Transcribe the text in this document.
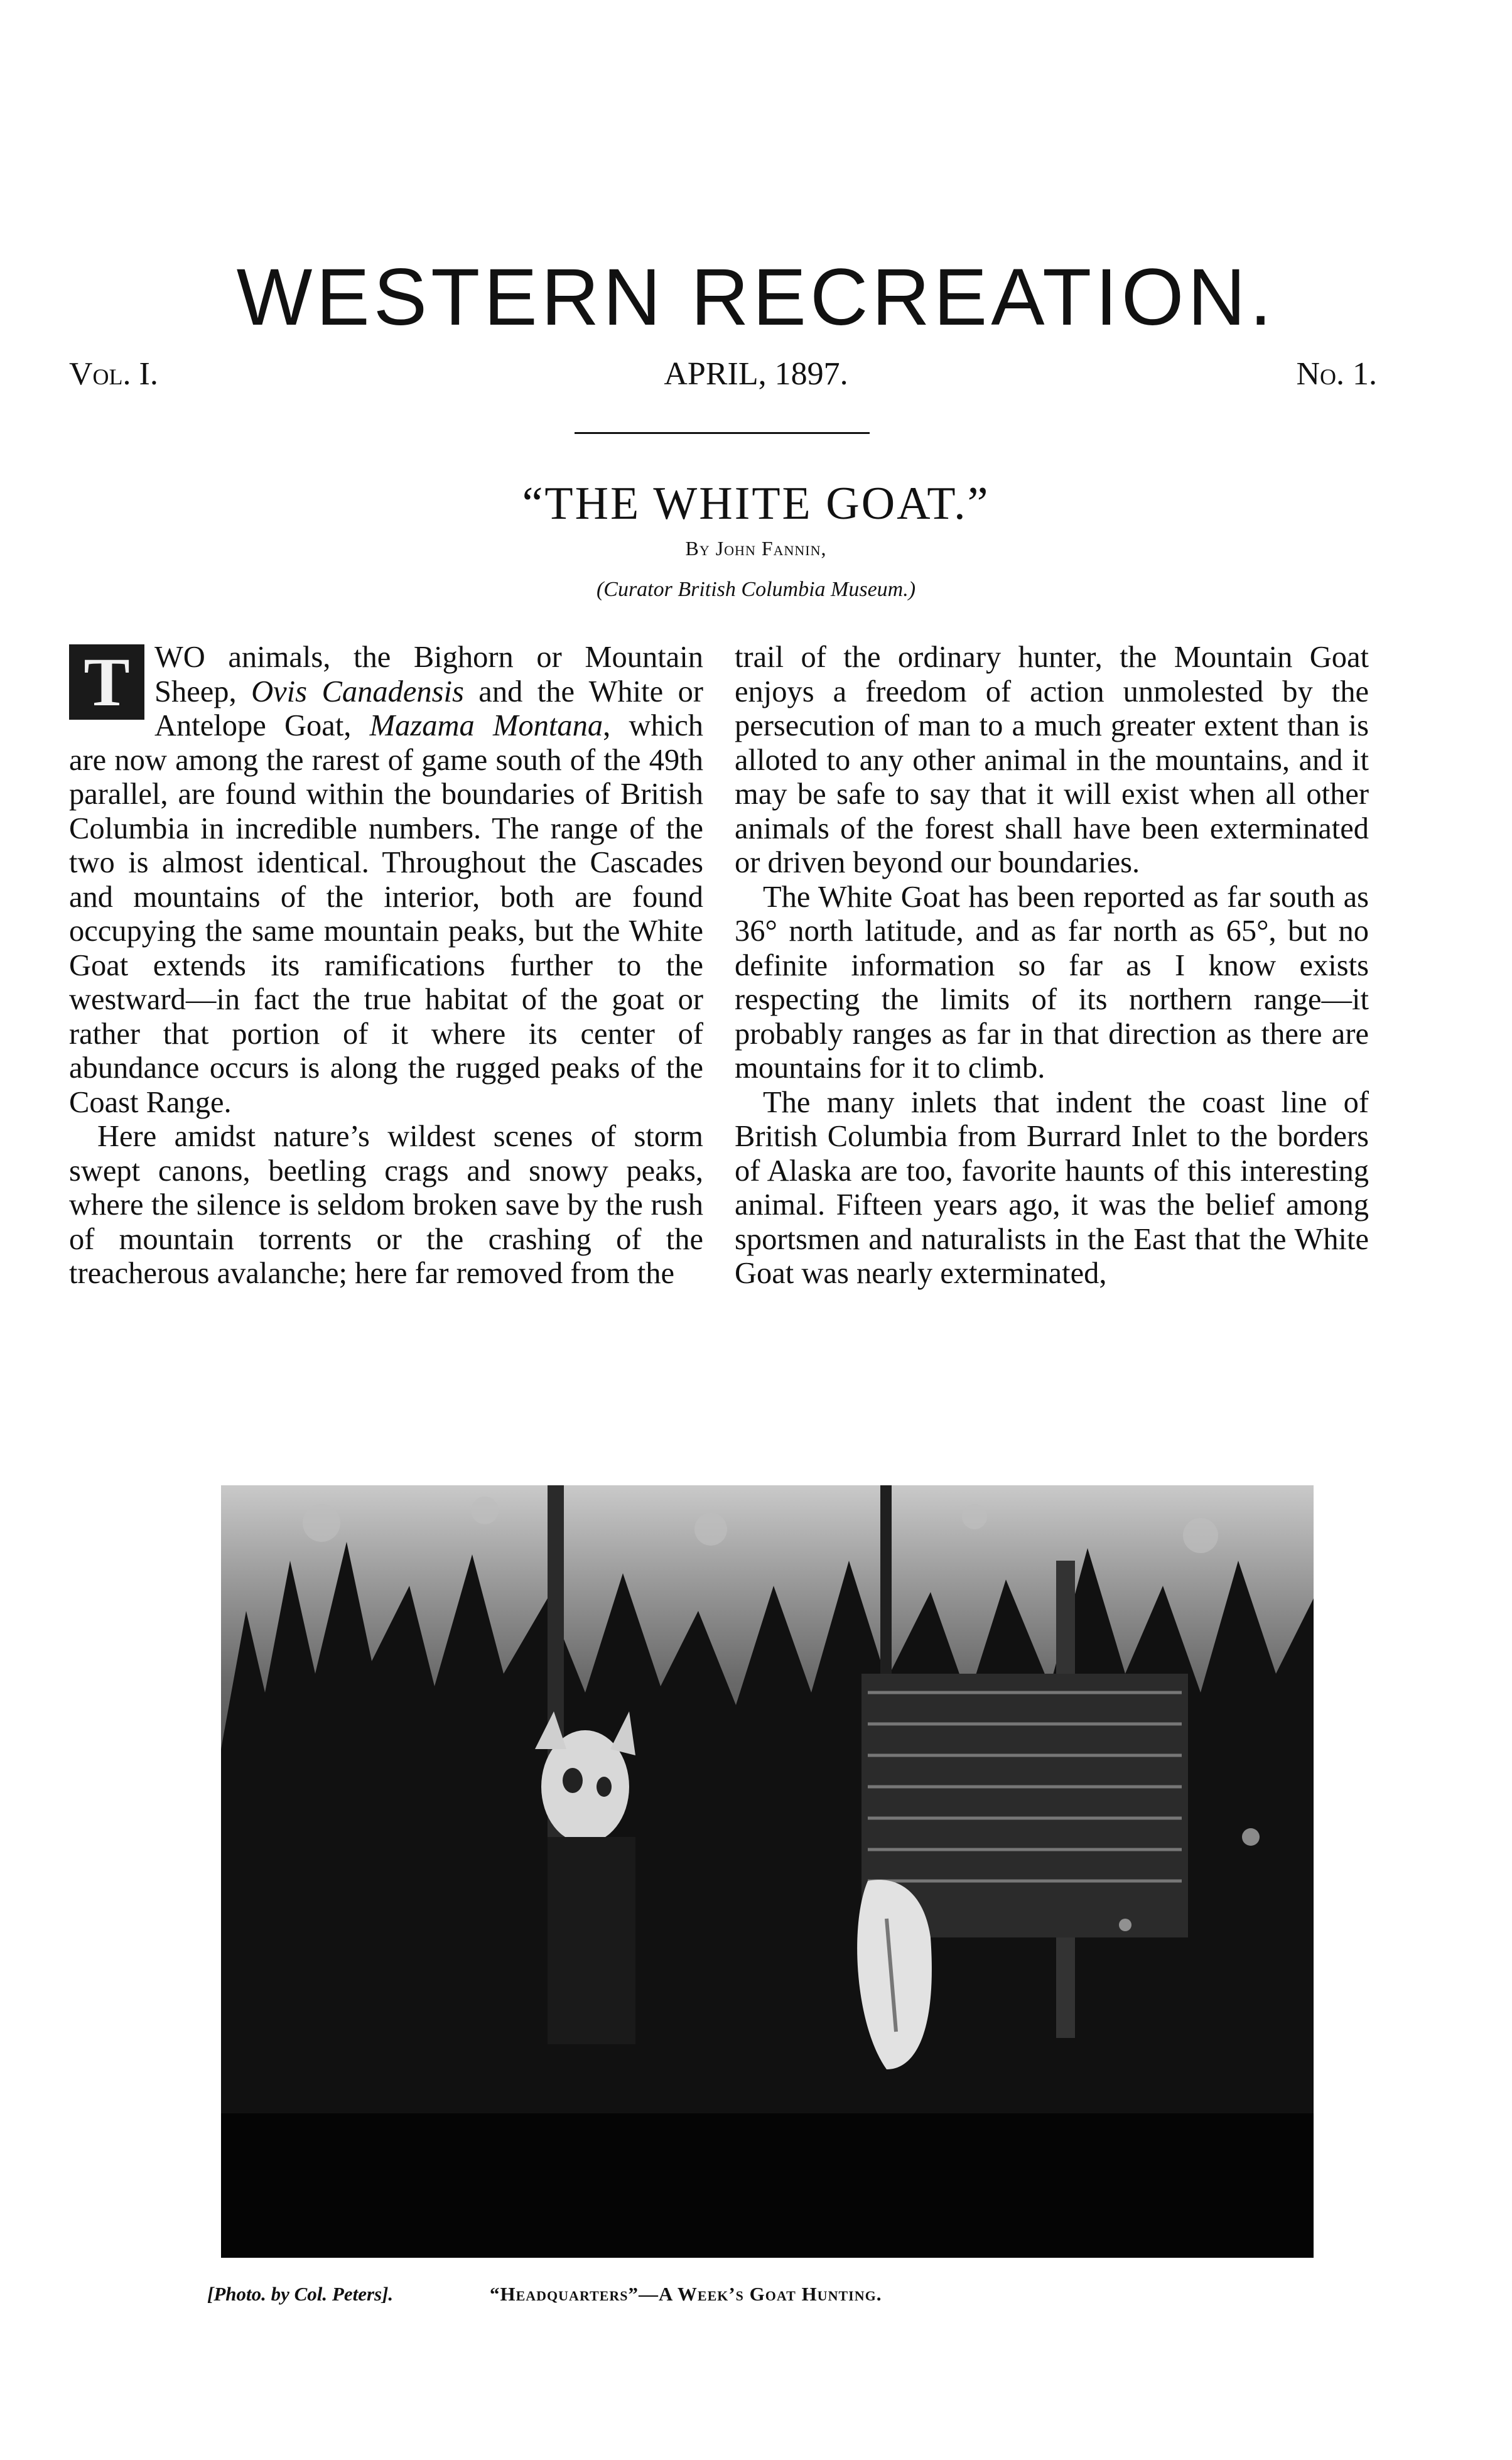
WESTERN RECREATION.
Vol. I.	APRIL, 1897.	No. 1.
“THE WHITE GOAT.”
By John Fannin,
(Curator British Columbia Museum.)

T WO animals, the Bighorn or Mountain Sheep, Ovis Canadensis and the White or Antelope Goat, Mazama Montana, which are now among the rarest of game south of the 49th parallel, are found within the boundaries of British Columbia in incredible numbers. The range of the two is almost identical. Throughout the Cascades and mountains of the interior, both are found occupying the same mountain peaks, but the White Goat extends its ramifications further to the westward—in fact the true habitat of the goat or rather that portion of it where its center of abundance occurs is along the rugged peaks of the Coast Range.

Here amidst nature’s wildest scenes of storm swept canons, beetling crags and snowy peaks, where the silence is seldom broken save by the rush of mountain torrents or the crashing of the treacherous avalanche; here far removed from the

trail of the ordinary hunter, the Mountain Goat enjoys a freedom of action unmolested by the persecution of man to a much greater extent than is alloted to any other animal in the mountains, and it may be safe to say that it will exist when all other animals of the forest shall have been exterminated or driven beyond our boundaries.

The White Goat has been reported as far south as 36° north latitude, and as far north as 65°, but no definite information so far as I know exists respecting the limits of its northern range—it probably ranges as far in that direction as there are mountains for it to climb.

The many inlets that indent the coast line of British Columbia from Burrard Inlet to the borders of Alaska are too, favorite haunts of this interesting animal. Fifteen years ago, it was the belief among sportsmen and naturalists in the East that the White Goat was nearly exterminated,

[Photo. by Col. Peters].	“Headquarters”—A Week’s Goat Hunting.
